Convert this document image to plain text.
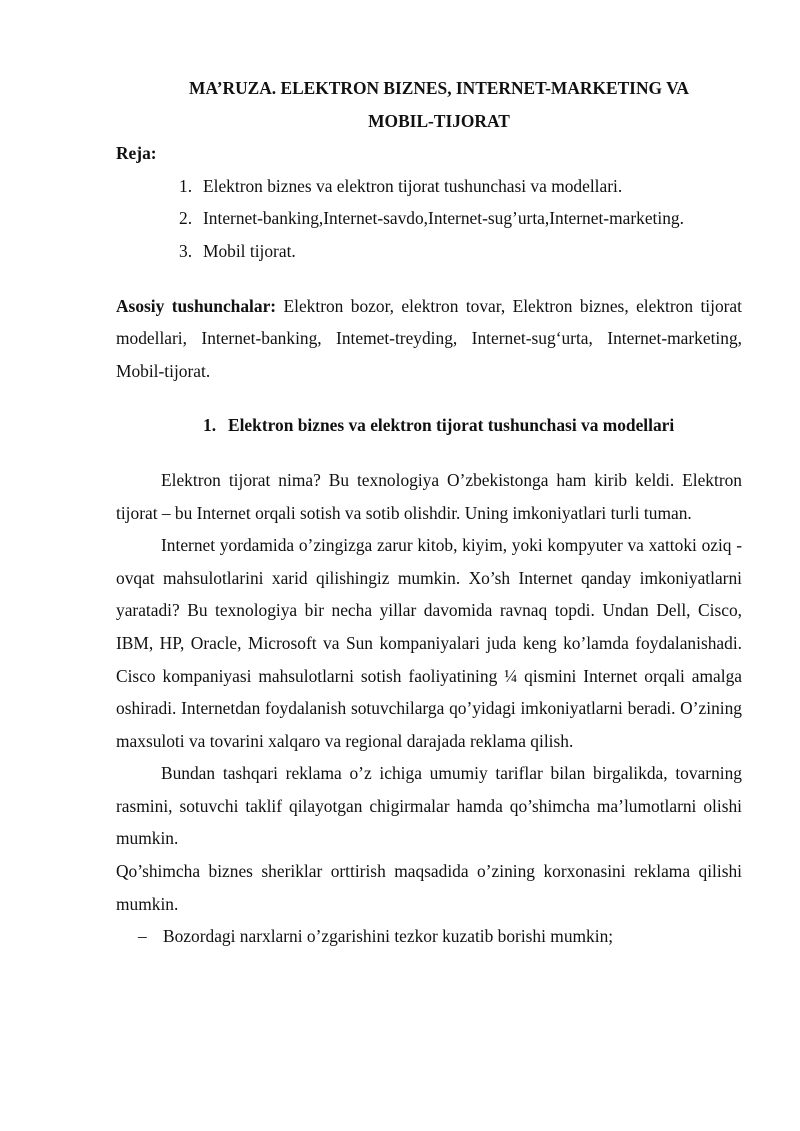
MA’RUZA. ELEKTRON BIZNES, INTERNET-MARKETING VA
MOBIL-TIJORAT

Reja:

1. Elektron biznes va elektron tijorat tushunchasi va modellari.
2. Internet-banking,Internet-savdo,Internet-sug’urta,Internet-marketing.
3. Mobil tijorat.

Asosiy tushunchalar: Elektron bozor, elektron tovar, Elektron biznes, elektron tijorat modellari, Internet-banking, Intemet-treyding, Internet-sug‘urta, Internet-marketing, Mobil-tijorat.

1. Elektron biznes va elektron tijorat tushunchasi va modellari

Elektron tijorat nima? Bu texnologiya O’zbekistonga ham kirib keldi. Elektron tijorat – bu Internet orqali sotish va sotib olishdir. Uning imkoniyatlari turli tuman.

Internet yordamida o’zingizga zarur kitob, kiyim, yoki kompyuter va xattoki oziq - ovqat mahsulotlarini xarid qilishingiz mumkin. Xo’sh Internet qanday imkoniyatlarni yaratadi? Bu texnologiya bir necha yillar davomida ravnaq topdi. Undan Dell, Cisco, IBM, HP, Oracle, Microsoft va Sun kompaniyalari juda keng ko’lamda foydalanishadi. Cisco kompaniyasi mahsulotlarni sotish faoliyatining ¼ qismini Internet orqali amalga oshiradi. Internetdan foydalanish sotuvchilarga qo’yidagi imkoniyatlarni beradi. O’zining maxsuloti va tovarini xalqaro va regional darajada reklama qilish.

Bundan tashqari reklama o’z ichiga umumiy tariflar bilan birgalikda, tovarning rasmini, sotuvchi taklif qilayotgan chigirmalar hamda qo’shimcha ma’lumotlarni olishi mumkin.

Qo’shimcha biznes sheriklar orttirish maqsadida o’zining korxonasini reklama qilishi mumkin.

– Bozordagi narxlarni o’zgarishini tezkor kuzatib borishi mumkin;
